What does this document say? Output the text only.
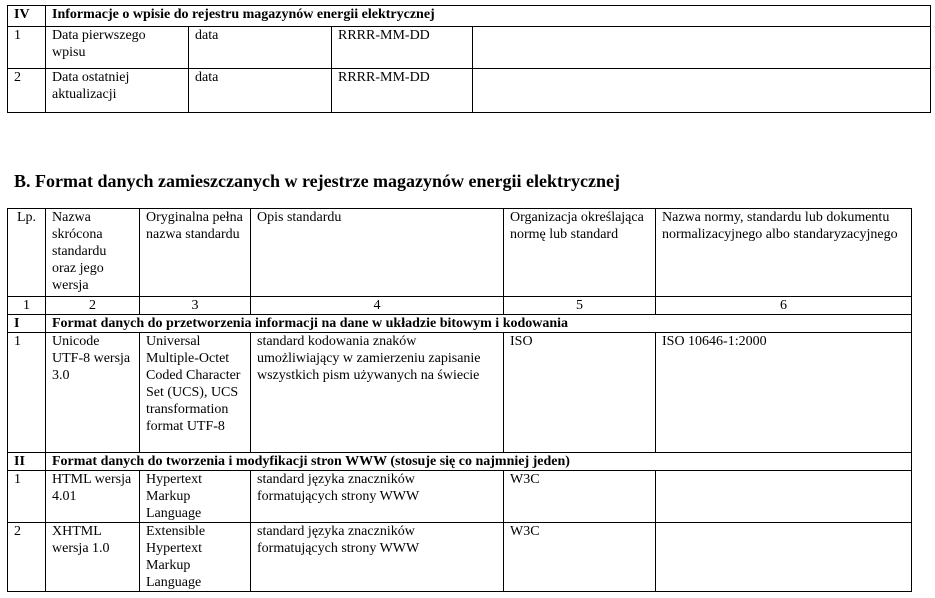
IV	Informacje o wpisie do rejestru magazynów energii elektrycznej			
1	Data pierwszego wpisu	data	RRRR-MM-DD	
2	Data ostatniej aktualizacji	data	RRRR-MM-DD	
B. Format danych zamieszczanych w rejestrze magazynów energii elektrycznej
Lp.	Nazwa skrócona standardu oraz jego wersja	Oryginalna pełna nazwa standardu	Opis standardu	Organizacja określająca normę lub standard	Nazwa normy, standardu lub dokumentu normalizacyjnego albo standaryzacyjnego
1	2	3	4	5	6
I	Format danych do przetworzenia informacji na dane w układzie bitowym i kodowania				
1	Unicode UTF-8 wersja 3.0	Universal Multiple-Octet Coded Character Set (UCS), UCS transformation format UTF-8	standard kodowania znaków umożliwiający w zamierzeniu zapisanie wszystkich pism używanych na świecie	ISO	ISO 10646-1:2000
II	Format danych do tworzenia i modyfikacji stron WWW (stosuje się co najmniej jeden)				
1	HTML wersja 4.01	Hypertext Markup Language	standard języka znaczników formatujących strony WWW	W3C	
2	XHTML wersja 1.0	Extensible Hypertext Markup Language	standard języka znaczników formatujących strony WWW	W3C	
